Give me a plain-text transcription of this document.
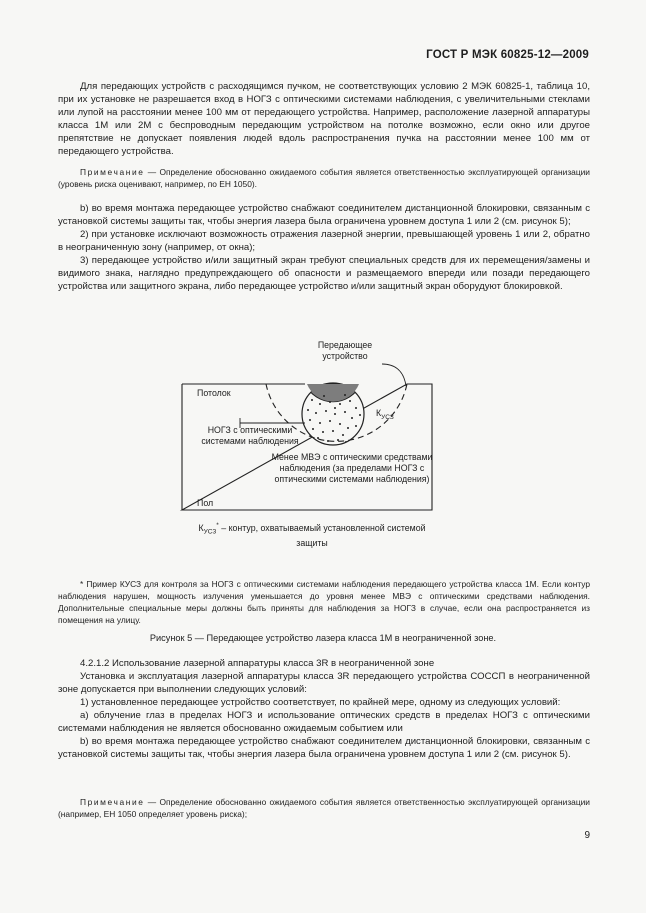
ГОСТ Р МЭК 60825-12—2009

Для передающих устройств с расходящимся пучком, не соответствующих условию 2 МЭК 60825-1, таблица 10, при их установке не разрешается вход в НОГЗ с оптическими системами наблюдения, с увеличительными стеклами или лупой на расстоянии менее 100 мм от передающего устройства. Например, расположение лазерной аппаратуры класса 1М или 2М с беспроводным передающим устройством на потолке возможно, если окно или другое препятствие не допускает появления людей вдоль распространения пучка на расстоянии менее 100 мм от передающего устройства.

Примечание — Определение обоснованно ожидаемого события является ответственностью эксплуатирующей организации (уровень риска оценивают, например, по ЕН 1050).

b) во время монтажа передающее устройство снабжают соединителем дистанционной блокировки, связанным с установкой системы защиты так, чтобы энергия лазера была ограничена уровнем доступа 1 или 2 (см. рисунок 5);

2) при установке исключают возможность отражения лазерной энергии, превышающей уровень 1 или 2, обратно в неограниченную зону (например, от окна);

3) передающее устройство и/или защитный экран требуют специальных средств для их перемещения/замены и видимого знака, наглядно предупреждающего об опасности и размещаемого впереди или позади передающего устройства или защитного экрана, либо передающее устройство и/или защитный экран оборудуют блокировкой.

Передающее устройство
Потолок
Пол
$К_{УСЗ}$
НОГЗ с оптическими системами наблюдения
Менее МВЭ с оптическими средствами наблюдения (за пределами НОГЗ с оптическими системами наблюдения)
$К_{УСЗ}^*$ – контур, охватываемый установленной системой защиты

* Пример КУСЗ для контроля за НОГЗ с оптическими системами наблюдения передающего устройства класса 1М. Если контур наблюдения нарушен, мощность излучения уменьшается до уровня менее МВЭ с оптическими средствами наблюдения. Дополнительные специальные меры должны быть приняты для наблюдения за НОГЗ в случае, если она распространяется из помещения на улицу.

Рисунок 5 — Передающее устройство лазера класса 1М в неограниченной зоне.

4.2.1.2 Использование лазерной аппаратуры класса 3R в неограниченной зоне

Установка и эксплуатация лазерной аппаратуры класса 3R передающего устройства СОССП в неограниченной зоне допускается при выполнении следующих условий:

1) установленное передающее устройство соответствует, по крайней мере, одному из следующих условий:

а) облучение глаз в пределах НОГЗ и использование оптических средств в пределах НОГЗ с оптическими системами наблюдения не является обоснованно ожидаемым событием или

b) во время монтажа передающее устройство снабжают соединителем дистанционной блокировки, связанным с установкой системы защиты так, чтобы энергия лазера была ограничена уровнем доступа 1 или 2 (см. рисунок 5).

Примечание — Определение обоснованно ожидаемого события является ответственностью эксплуатирующей организации (например, ЕН 1050 определяет уровень риска);

9
